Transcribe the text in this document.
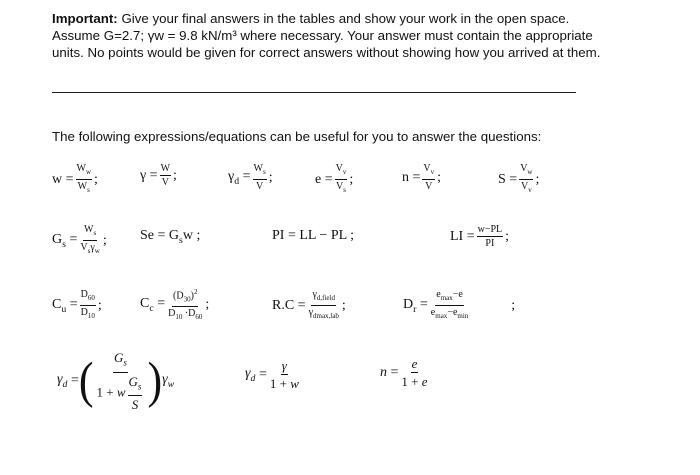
Important: Give your final answers in the tables and show your work in the open space.
Assume G=2.7; γw = 9.8 kN/m³ where necessary. Your answer must contain the appropriate
units. No points would be given for correct answers without showing how you arrived at them.
The following expressions/equations can be useful for you to answer the questions:
$w = \frac{W_w}{W_s}$ ;	$\gamma = \frac{W}{V}$ ;	$\gamma_d = \frac{W_s}{V}$ ;	$e = \frac{V_v}{V_s}$ ;	$n = \frac{V_v}{V}$ ;	$S = \frac{V_w}{V_v}$ ;
$G_s = \frac{W_s}{V_s\gamma_w}$ ; $Se = G_sw$ ;	PI = LL − PL ;	LI = $\frac{w-PL}{PI}$ ;
$C_u = \frac{D_{60}}{D_{10}}$ ;	$C_c = \frac{(D_{30})^2}{D_{10} \cdot D_{60}}$ ;	$R.C = \frac{\gamma_{d,field}}{\gamma_{dmax,lab}}$ ;	$D_r = \frac{e_{max}-e}{e_{max}-e_{min}}$	;
$\gamma_d$ = ( $\frac{G_s}{1 + w \frac{G_s}{S}}$ ) $\gamma_w$
$\gamma_d = \frac{\gamma}{1 + w}$	$n = \frac{e}{1 + e}$
